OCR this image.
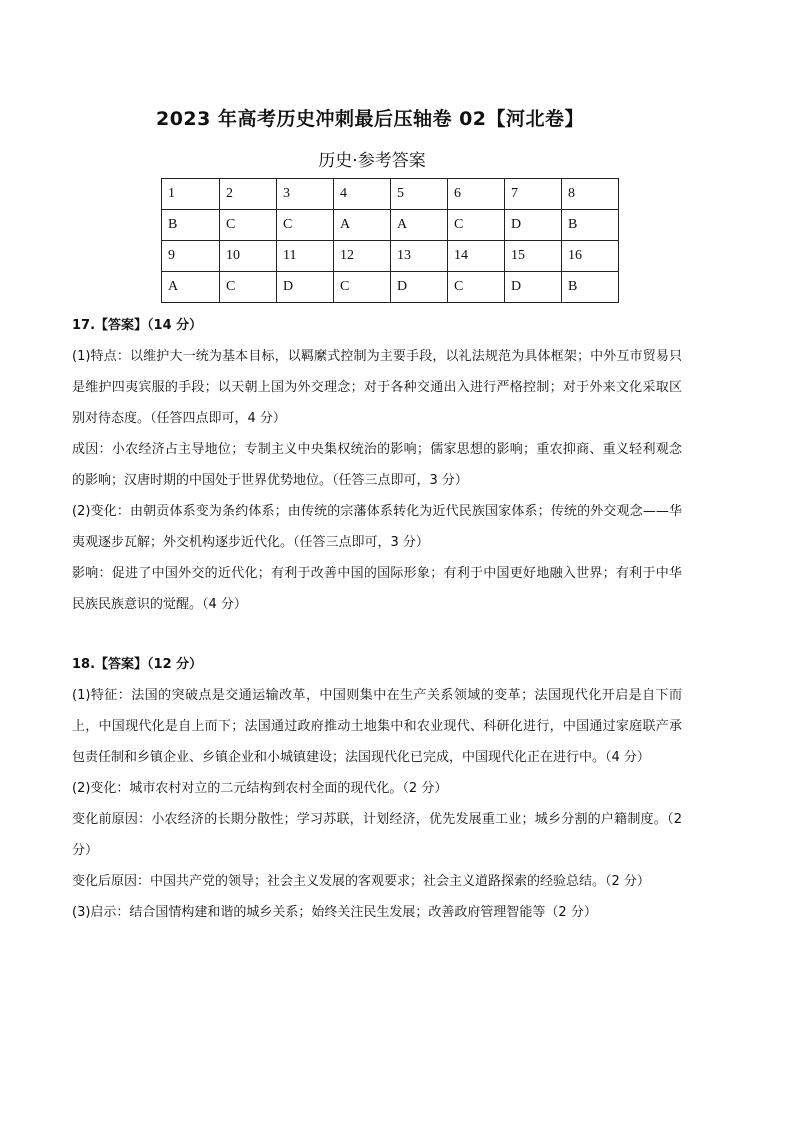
2023 年高考历史冲刺最后压轴卷 02【河北卷】
历史·参考答案
1	2	3	4	5	6	7	8
B	C	C	A	A	C	D	B
9	10	11	12	13	14	15	16
A	C	D	C	D	C	D	B
17.【答案】（14 分）
(1)特点：以维护大一统为基本目标，以羁縻式控制为主要手段，以礼法规范为具体框架；中外互市贸易只是维护四夷宾服的手段；以天朝上国为外交理念；对于各种交通出入进行严格控制；对于外来文化采取区别对待态度。（任答四点即可，4 分）
成因：小农经济占主导地位；专制主义中央集权统治的影响；儒家思想的影响；重农抑商、重义轻利观念的影响；汉唐时期的中国处于世界优势地位。（任答三点即可，3 分）
(2)变化：由朝贡体系变为条约体系；由传统的宗藩体系转化为近代民族国家体系；传统的外交观念——华夷观逐步瓦解；外交机构逐步近代化。（任答三点即可，3 分）
影响：促进了中国外交的近代化；有利于改善中国的国际形象；有利于中国更好地融入世界；有利于中华民族民族意识的觉醒。（4 分）
18.【答案】（12 分）
(1)特征：法国的突破点是交通运输改革，中国则集中在生产关系领域的变革；法国现代化开启是自下而上，中国现代化是自上而下；法国通过政府推动土地集中和农业现代、科研化进行，中国通过家庭联产承包责任制和乡镇企业、乡镇企业和小城镇建设；法国现代化已完成，中国现代化正在进行中。（4 分）
(2)变化：城市农村对立的二元结构到农村全面的现代化。（2 分）
变化前原因：小农经济的长期分散性；学习苏联，计划经济，优先发展重工业；城乡分割的户籍制度。（2 分）
变化后原因：中国共产党的领导；社会主义发展的客观要求；社会主义道路探索的经验总结。（2 分）
(3)启示：结合国情构建和谐的城乡关系；始终关注民生发展；改善政府管理智能等（2 分）
